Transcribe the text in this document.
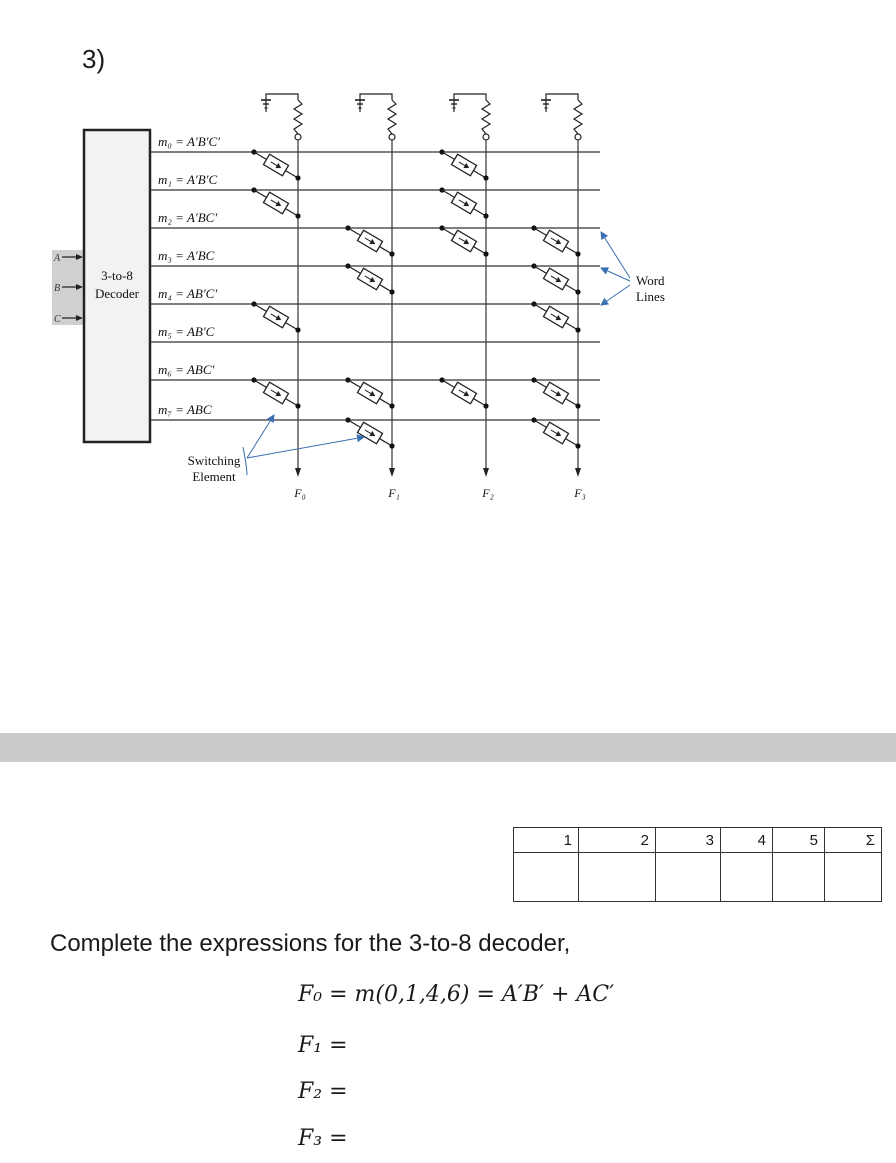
3)
3-to-8
Decoder
A
B
C
m₀ = A′B′C′
m₁ = A′B′C
m₂ = A′BC′
m₃ = A′BC
m₄ = AB′C′
m₅ = AB′C
m₆ = ABC′
m₇ = ABC
F₀	F₁	F₂	F₃
Word
Lines
Switching
Element
1	2	3	4	5	Σ

Complete the expressions for the 3-to-8 decoder,
F₀ = m(0,1,4,6) = A′B′ + AC′
F₁ =
F₂ =
F₃ =
